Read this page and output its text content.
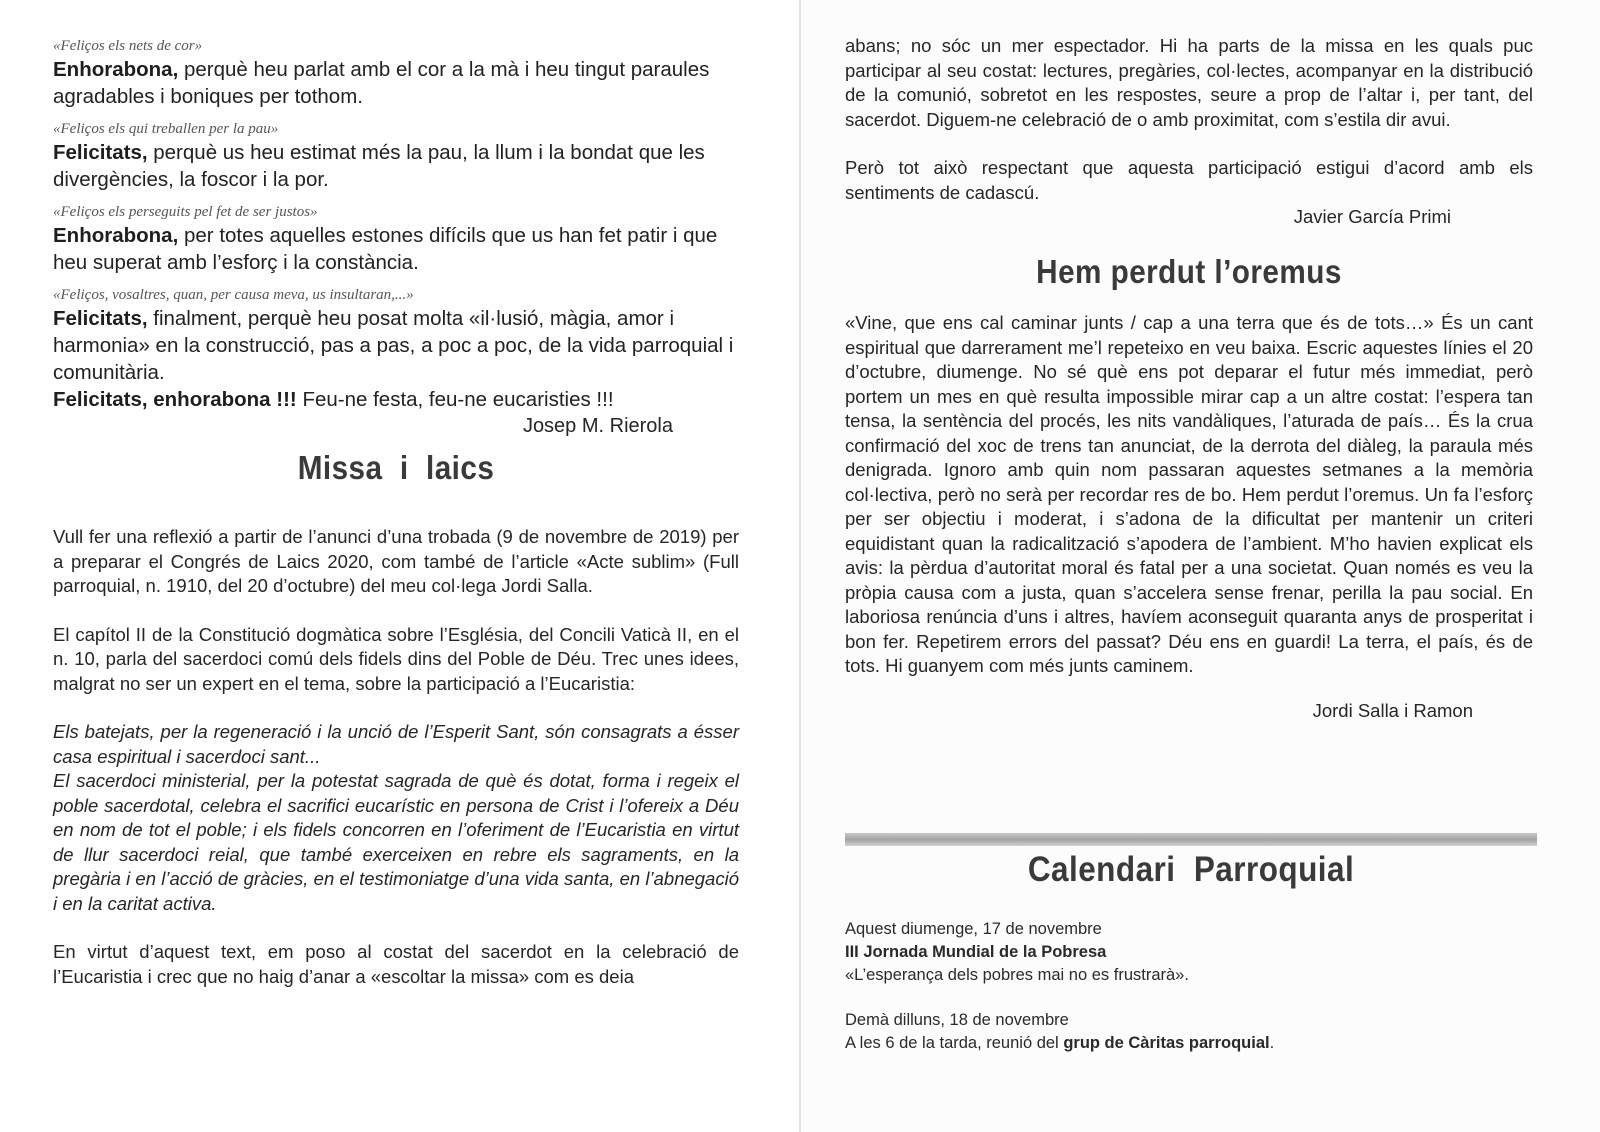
«Feliços els nets de cor»

Enhorabona, perquè heu parlat amb el cor a la mà i heu tingut paraules agradables i boniques per tothom.

«Feliços els qui treballen per la pau»

Felicitats, perquè us heu estimat més la pau, la llum i la bondat que les divergències, la foscor i la por.

«Feliços els perseguits pel fet de ser justos»

Enhorabona, per totes aquelles estones difícils que us han fet patir i que heu superat amb l’esforç i la constància.

«Feliços, vosaltres, quan, per causa meva, us insultaran,...»

Felicitats, finalment, perquè heu posat molta «il·lusió, màgia, amor i harmonia» en la construcció, pas a pas, a poc a poc, de la vida parroquial i comunitària.

Felicitats, enhorabona !!! Feu-ne festa, feu-ne eucaristies !!!

Josep M. Rierola

Missa  i  laics

Vull fer una reflexió a partir de l’anunci d’una trobada (9 de novembre de 2019) per a preparar el Congrés de Laics 2020, com també de l’article «Acte sublim» (Full parroquial, n. 1910, del 20 d’octubre) del meu col·lega Jordi Salla.

El capítol II de la Constitució dogmàtica sobre l’Església, del Concili Vaticà II, en el n. 10, parla del sacerdoci comú dels fidels dins del Poble de Déu. Trec unes idees, malgrat no ser un expert en el tema, sobre la participació a l’Eucaristia:

Els batejats, per la regeneració i la unció de l’Esperit Sant, són consagrats a ésser casa espiritual i sacerdoci sant...

El sacerdoci ministerial, per la potestat sagrada de què és dotat, forma i regeix el poble sacerdotal, celebra el sacrifici eucarístic en persona de Crist i l’ofereix a Déu en nom de tot el poble; i els fidels concorren en l’oferiment de l’Eucaristia en virtut de llur sacerdoci reial, que també exerceixen en rebre els sagraments, en la pregària i en l’acció de gràcies, en el testimoniatge d’una vida santa, en l’abnegació i en la caritat activa.

En virtut d’aquest text, em poso al costat del sacerdot en la celebració de l’Eucaristia i crec que no haig d’anar a «escoltar la missa» com es deia

abans; no sóc un mer espectador. Hi ha parts de la missa en les quals puc participar al seu costat: lectures, pregàries, col·lectes, acompanyar en la distribució de la comunió, sobretot en les respostes, seure a prop de l’altar i, per tant, del sacerdot. Diguem-ne celebració de o amb proximitat, com s’estila dir avui.

Però tot això respectant que aquesta participació estigui d’acord amb els sentiments de cadascú.

Javier García Primi

Hem perdut l’oremus

«Vine, que ens cal caminar junts / cap a una terra que és de tots…» És un cant espiritual que darrerament me’l repeteixo en veu baixa. Escric aquestes línies el 20 d’octubre, diumenge. No sé què ens pot deparar el futur més immediat, però portem un mes en què resulta impossible mirar cap a un altre costat: l’espera tan tensa, la sentència del procés, les nits vandàliques, l’aturada de país… És la crua confirmació del xoc de trens tan anunciat, de la derrota del diàleg, la paraula més denigrada. Ignoro amb quin nom passaran aquestes setmanes a la memòria col·lectiva, però no serà per recordar res de bo. Hem perdut l’oremus. Un fa l’esforç per ser objectiu i moderat, i s’adona de la dificultat per mantenir un criteri equidistant quan la radicalització s’apodera de l’ambient. M’ho havien explicat els avis: la pèrdua d’autoritat moral és fatal per a una societat. Quan només es veu la pròpia causa com a justa, quan s’accelera sense frenar, perilla la pau social. En laboriosa renúncia d’uns i altres, havíem aconseguit quaranta anys de prosperitat i bon fer. Repetirem errors del passat? Déu ens en guardi! La terra, el país, és de tots. Hi guanyem com més junts caminem.

Jordi Salla i Ramon

Calendari  Parroquial

Aquest diumenge, 17 de novembre

III Jornada Mundial de la Pobresa

«L’esperança dels pobres mai no es frustrarà».

Demà dilluns, 18 de novembre

A les 6 de la tarda, reunió del grup de Càritas parroquial.
